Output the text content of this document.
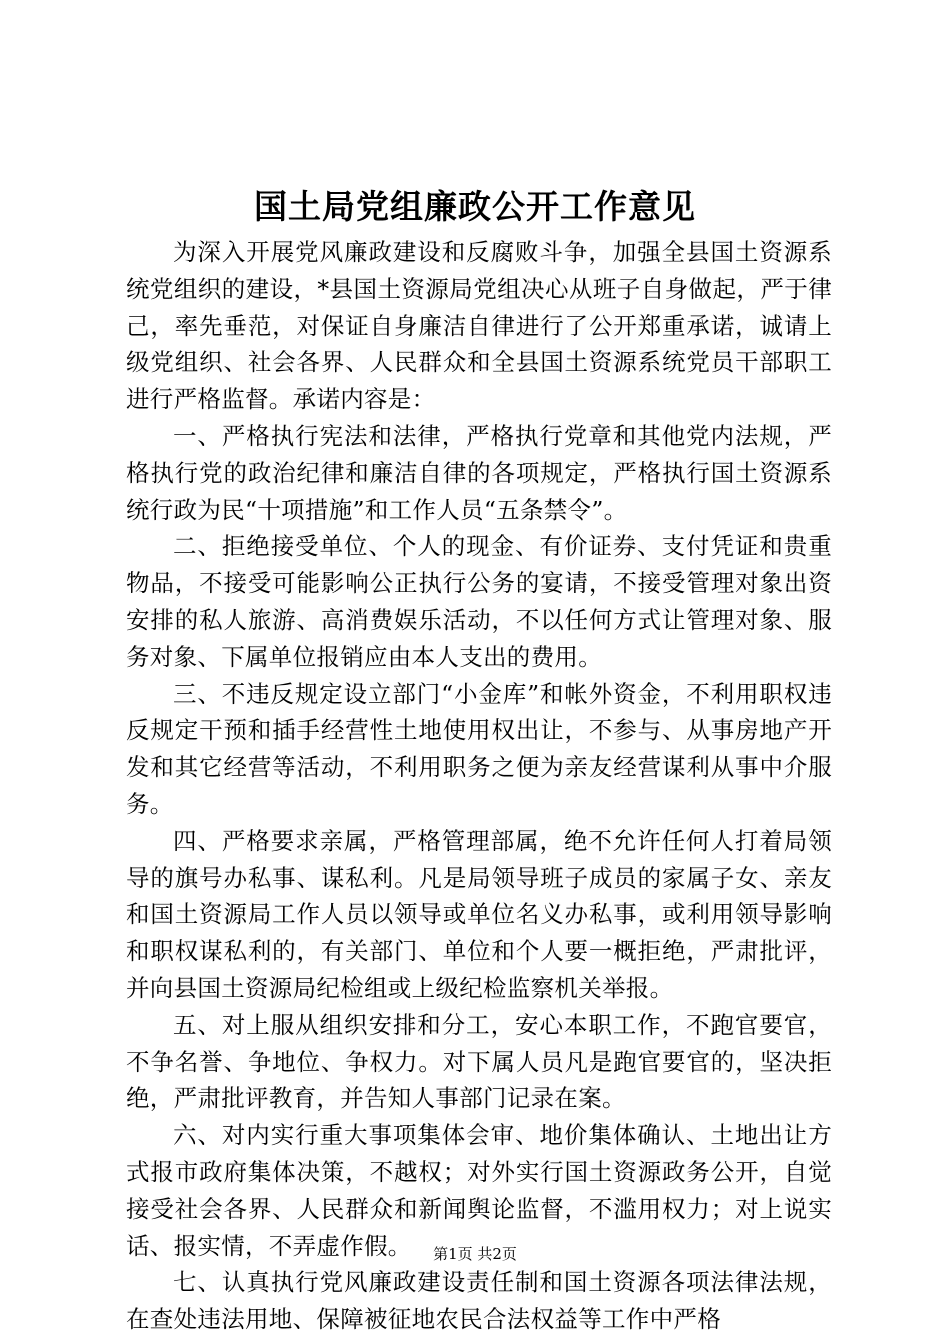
国土局党组廉政公开工作意见

为深入开展党风廉政建设和反腐败斗争，加强全县国土资源系统党组织的建设，*县国土资源局党组决心从班子自身做起，严于律己，率先垂范，对保证自身廉洁自律进行了公开郑重承诺，诚请上级党组织、社会各界、人民群众和全县国土资源系统党员干部职工进行严格监督。承诺内容是：

一、严格执行宪法和法律，严格执行党章和其他党内法规，严格执行党的政治纪律和廉洁自律的各项规定，严格执行国土资源系统行政为民“十项措施”和工作人员“五条禁令”。

二、拒绝接受单位、个人的现金、有价证券、支付凭证和贵重物品，不接受可能影响公正执行公务的宴请，不接受管理对象出资安排的私人旅游、高消费娱乐活动，不以任何方式让管理对象、服务对象、下属单位报销应由本人支出的费用。

三、不违反规定设立部门“小金库”和帐外资金，不利用职权违反规定干预和插手经营性土地使用权出让，不参与、从事房地产开发和其它经营等活动，不利用职务之便为亲友经营谋利从事中介服务。

四、严格要求亲属，严格管理部属，绝不允许任何人打着局领导的旗号办私事、谋私利。凡是局领导班子成员的家属子女、亲友和国土资源局工作人员以领导或单位名义办私事，或利用领导影响和职权谋私利的，有关部门、单位和个人要一概拒绝，严肃批评，并向县国土资源局纪检组或上级纪检监察机关举报。

五、对上服从组织安排和分工，安心本职工作，不跑官要官，不争名誉、争地位、争权力。对下属人员凡是跑官要官的，坚决拒绝，严肃批评教育，并告知人事部门记录在案。

六、对内实行重大事项集体会审、地价集体确认、土地出让方式报市政府集体决策，不越权；对外实行国土资源政务公开，自觉接受社会各界、人民群众和新闻舆论监督，不滥用权力；对上说实话、报实情，不弄虚作假。

七、认真执行党风廉政建设责任制和国土资源各项法律法规，在查处违法用地、保障被征地农民合法权益等工作中严格

第1页 共2页
